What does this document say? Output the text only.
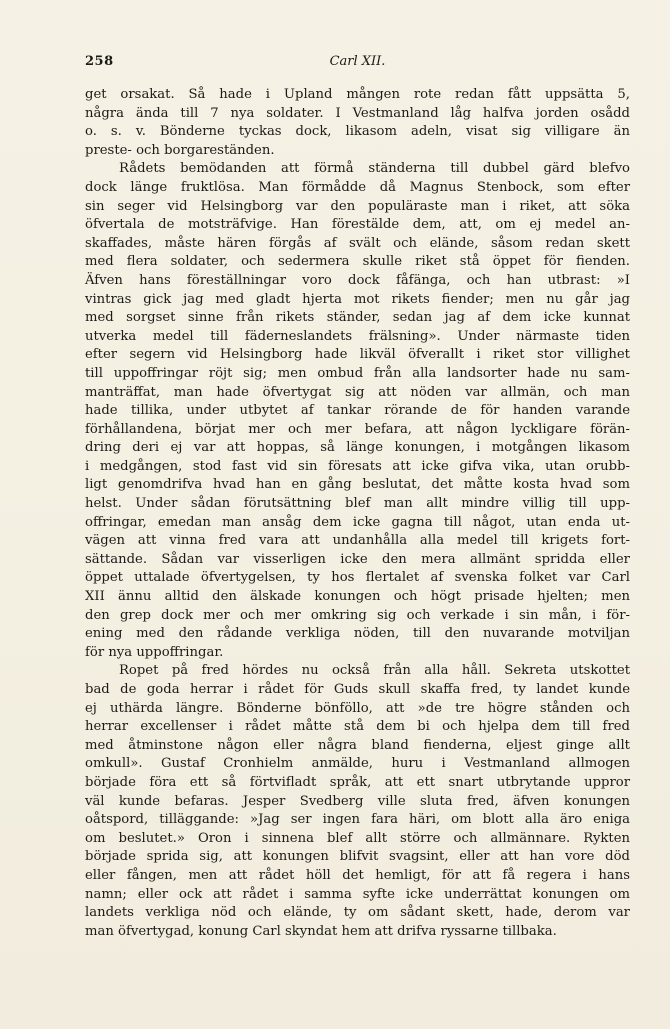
258	Carl XII.
get orsakat. Så hade i Upland mången rote redan fått uppsätta 5,
några ända till 7 nya soldater. I Vestmanland låg halfva jorden osådd
o. s. v. Bönderne tyckas dock, likasom adeln, visat sig villigare än
preste- och borgareständen.
Rådets bemödanden att förmå ständerna till dubbel gärd blefvo
dock länge fruktlösa. Man förmådde då Magnus Stenbock, som efter
sin seger vid Helsingborg var den populäraste man i riket, att söka
öfvertala de motsträfvige. Han förestälde dem, att, om ej medel an-
skaffades, måste hären förgås af svält och elände, såsom redan skett
med flera soldater, och sedermera skulle riket stå öppet för fienden.
Äfven hans föreställningar voro dock fåfänga, och han utbrast: »I
vintras gick jag med gladt hjerta mot rikets fiender; men nu går jag
med sorgset sinne från rikets ständer, sedan jag af dem icke kunnat
utverka medel till fäderneslandets frälsning». Under närmaste tiden
efter segern vid Helsingborg hade likväl öfverallt i riket stor villighet
till uppoffringar röjt sig; men ombud från alla landsorter hade nu sam-
manträffat, man hade öfvertygat sig att nöden var allmän, och man
hade tillika, under utbytet af tankar rörande de för handen varande
förhållandena, börjat mer och mer befara, att någon lyckligare förän-
dring deri ej var att hoppas, så länge konungen, i motgången likasom
i medgången, stod fast vid sin föresats att icke gifva vika, utan orubb-
ligt genomdrifva hvad han en gång beslutat, det måtte kosta hvad som
helst. Under sådan förutsättning blef man allt mindre villig till upp-
offringar, emedan man ansåg dem icke gagna till något, utan enda ut-
vägen att vinna fred vara att undanhålla alla medel till krigets fort-
sättande. Sådan var visserligen icke den mera allmänt spridda eller
öppet uttalade öfvertygelsen, ty hos flertalet af svenska folket var Carl
XII ännu alltid den älskade konungen och högt prisade hjelten; men
den grep dock mer och mer omkring sig och verkade i sin mån, i för-
ening med den rådande verkliga nöden, till den nuvarande motviljan
för nya uppoffringar.
Ropet på fred hördes nu också från alla håll. Sekreta utskottet
bad de goda herrar i rådet för Guds skull skaffa fred, ty landet kunde
ej uthärda längre. Bönderne bönföllo, att »de tre högre stånden och
herrar excellenser i rådet måtte stå dem bi och hjelpa dem till fred
med åtminstone någon eller några bland fienderna, eljest ginge allt
omkull». Gustaf Cronhielm anmälde, huru i Vestmanland allmogen
började föra ett så förtvifladt språk, att ett snart utbrytande uppror
väl kunde befaras. Jesper Svedberg ville sluta fred, äfven konungen
oåtspord, tilläggande: »Jag ser ingen fara häri, om blott alla äro eniga
om beslutet.» Oron i sinnena blef allt större och allmännare. Rykten
började sprida sig, att konungen blifvit svagsint, eller att han vore död
eller fången, men att rådet höll det hemligt, för att få regera i hans
namn; eller ock att rådet i samma syfte icke underrättat konungen om
landets verkliga nöd och elände, ty om sådant skett, hade, derom var
man öfvertygad, konung Carl skyndat hem att drifva ryssarne tillbaka.
